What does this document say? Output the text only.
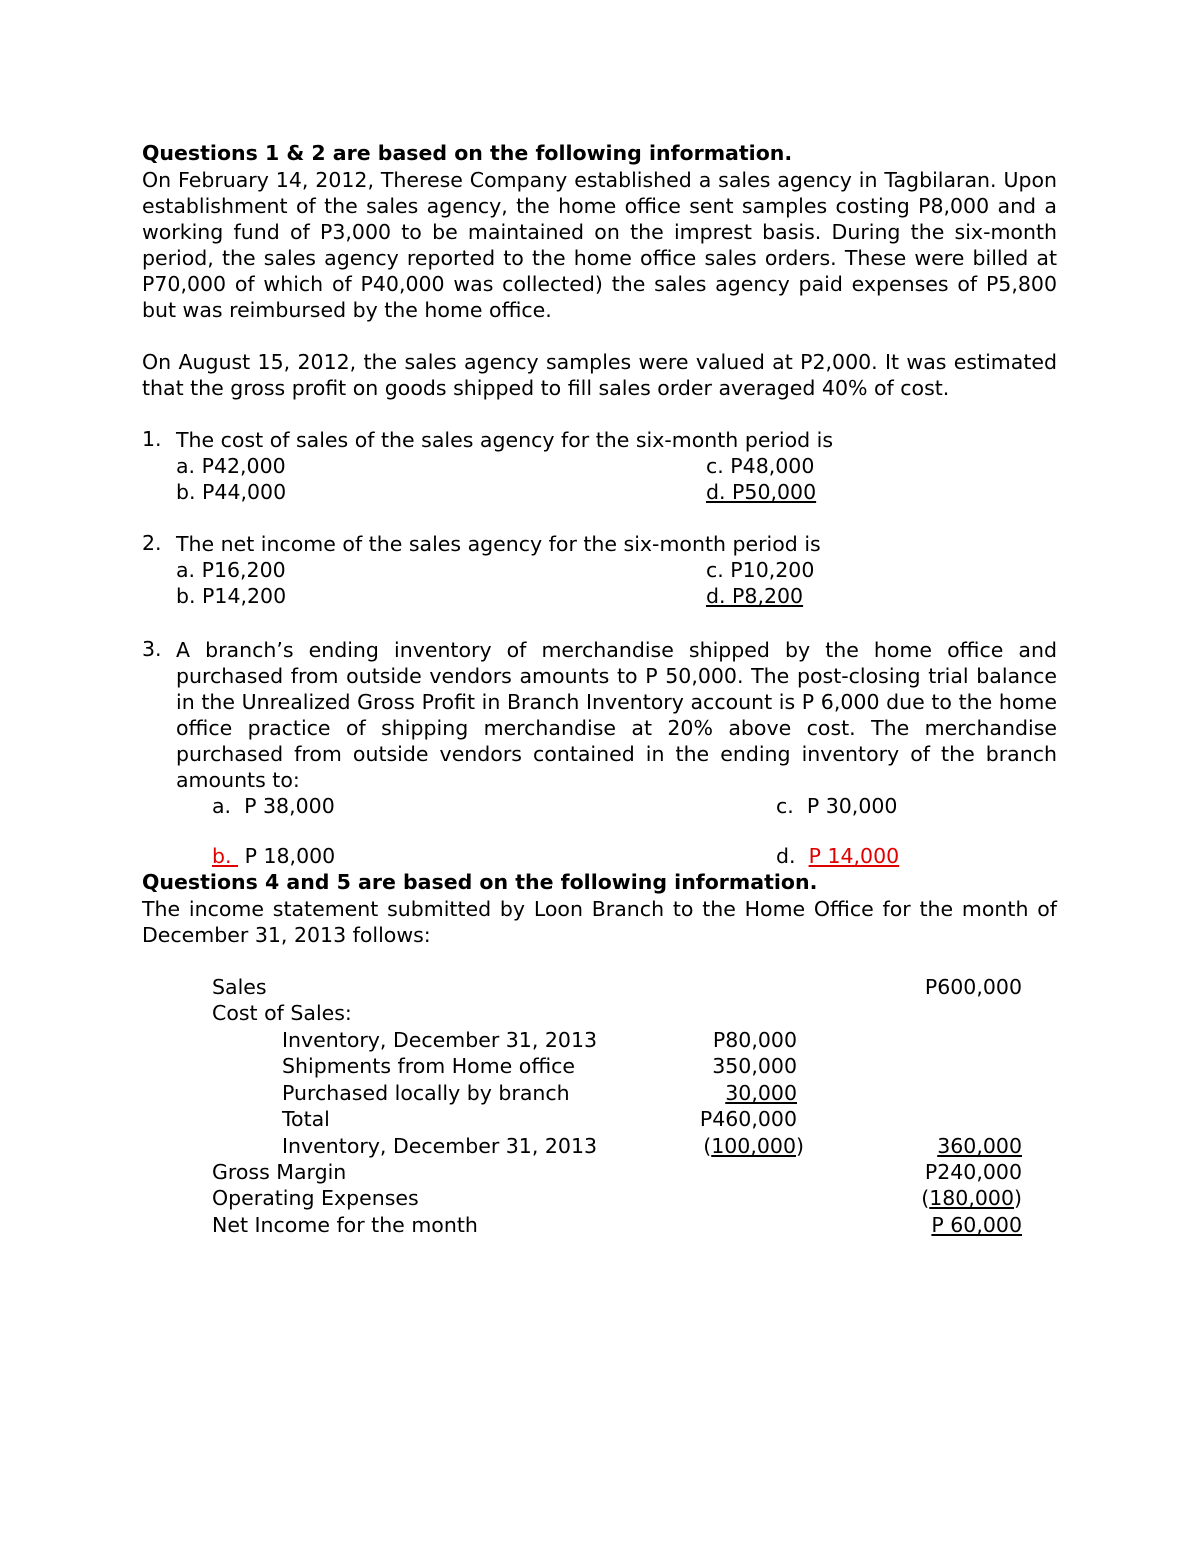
Questions 1 & 2 are based on the following information.

On February 14, 2012, Therese Company established a sales agency in Tagbilaran. Upon establishment of the sales agency, the home office sent samples costing P8,000 and a working fund of P3,000 to be maintained on the imprest basis. During the six-month period, the sales agency reported to the home office sales orders. These were billed at P70,000 of which of P40,000 was collected) the sales agency paid expenses of P5,800 but was reimbursed by the home office.

On August 15, 2012, the sales agency samples were valued at P2,000. It was estimated that the gross profit on goods shipped to fill sales order averaged 40% of cost.

1. The cost of sales of the sales agency for the six-month period is

a. P42,000
b. P44,000
c. P48,000
d. P50,000
2. The net income of the sales agency for the six-month period is

a. P16,200
b. P14,200
c. P10,200
d. P8,200
3. A branch’s ending inventory of merchandise shipped by the home office and purchased from outside vendors amounts to P 50,000. The post-closing trial balance in the Unrealized Gross Profit in Branch Inventory account is P 6,000 due to the home office practice of shipping merchandise at 20% above cost. The merchandise purchased from outside vendors contained in the ending inventory of the branch amounts to:

a. P 38,000
b. P 18,000
c. P 30,000
d. P 14,000

Questions 4 and 5 are based on the following information.

The income statement submitted by Loon Branch to the Home Office for the month of December 31, 2013 follows:

Sales	P600,000
Cost of Sales:
Inventory, December 31, 2013	P80,000
Shipments from Home office	350,000
Purchased locally by branch	30,000
Total	P460,000
Inventory, December 31, 2013	(100,000)	360,000
Gross Margin	P240,000
Operating Expenses	(180,000)
Net Income for the month	P 60,000
